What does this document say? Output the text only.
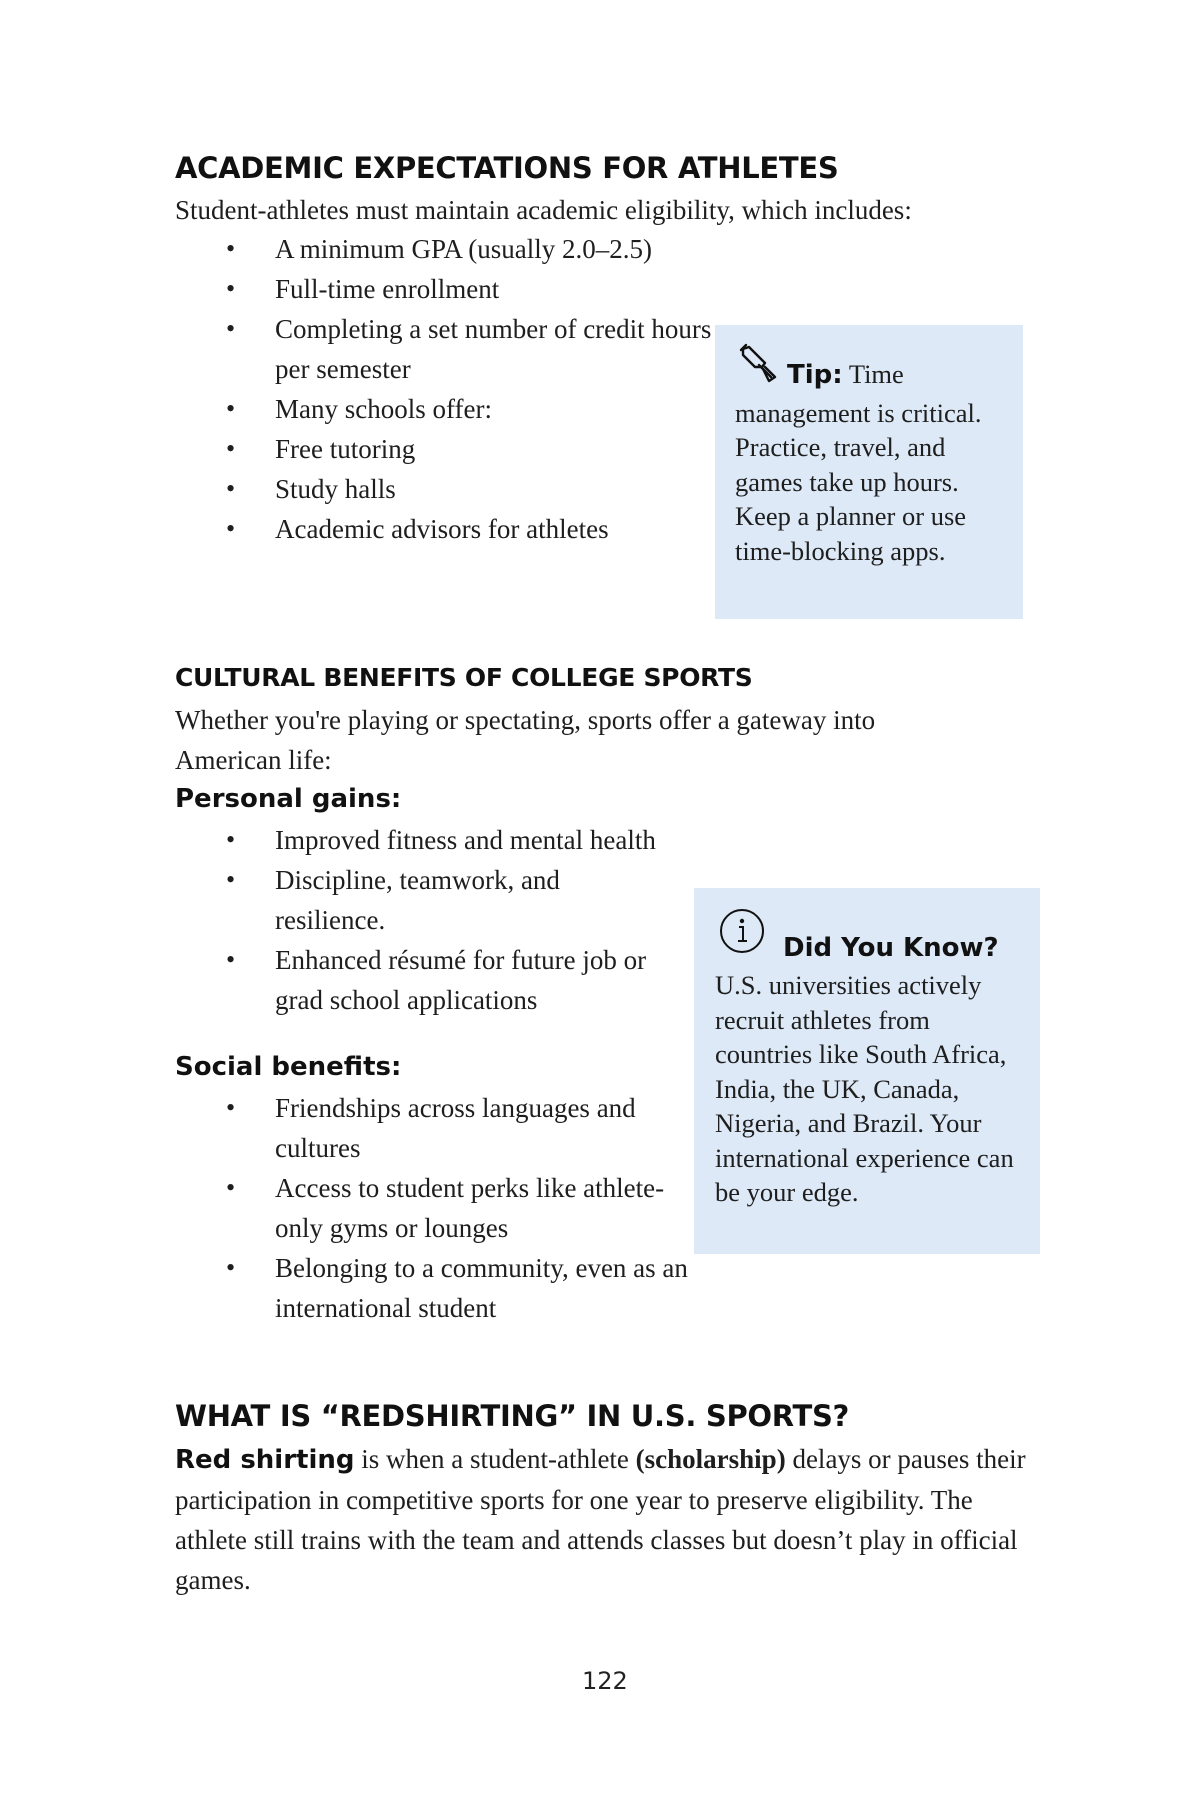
ACADEMIC EXPECTATIONS FOR ATHLETES
Student-athletes must maintain academic eligibility, which includes:
• A minimum GPA (usually 2.0–2.5)
• Full-time enrollment
• Completing a set number of credit hours per semester
• Many schools offer:
• Free tutoring
• Study halls
• Academic advisors for athletes
Tip: Time management is critical. Practice, travel, and games take up hours. Keep a planner or use time-blocking apps.
CULTURAL BENEFITS OF COLLEGE SPORTS
Whether you're playing or spectating, sports offer a gateway into American life:
Personal gains:
• Improved fitness and mental health
• Discipline, teamwork, and resilience.
• Enhanced résumé for future job or grad school applications
Social benefits:
• Friendships across languages and cultures
• Access to student perks like athlete-only gyms or lounges
• Belonging to a community, even as an international student
Did You Know?
U.S. universities actively recruit athletes from countries like South Africa, India, the UK, Canada, Nigeria, and Brazil. Your international experience can be your edge.
WHAT IS “REDSHIRTING” IN U.S. SPORTS?
Red shirting is when a student-athlete (scholarship) delays or pauses their participation in competitive sports for one year to preserve eligibility. The athlete still trains with the team and attends classes but doesn’t play in official games.
122
